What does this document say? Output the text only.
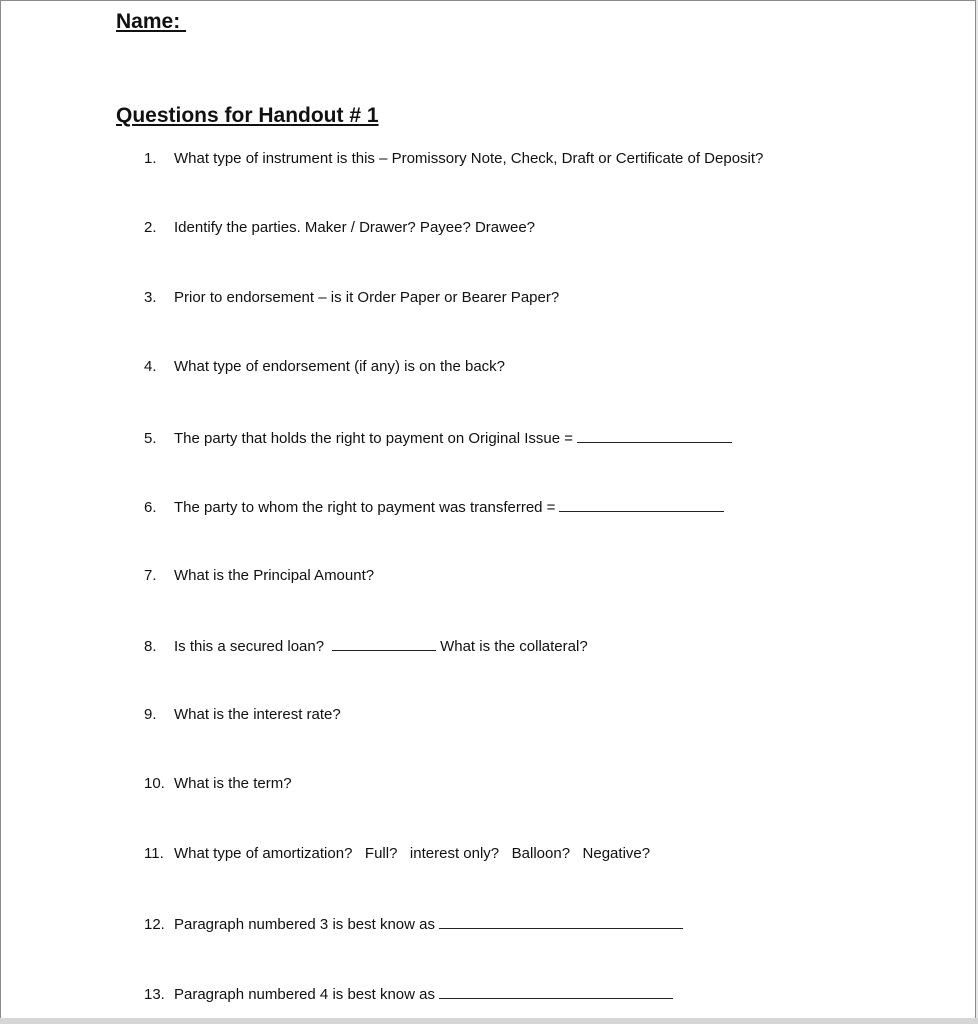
Name:
Questions for Handout # 1
1. What type of instrument is this – Promissory Note, Check, Draft or Certificate of Deposit?
2. Identify the parties. Maker / Drawer? Payee? Drawee?
3. Prior to endorsement – is it Order Paper or Bearer Paper?
4. What type of endorsement (if any) is on the back?
5. The party that holds the right to payment on Original Issue =
6. The party to whom the right to payment was transferred =
7. What is the Principal Amount?
8. Is this a secured loan?	What is the collateral?
9. What is the interest rate?
10. What is the term?
11. What type of amortization?   Full?   interest only?   Balloon?   Negative?
12. Paragraph numbered 3 is best know as
13. Paragraph numbered 4 is best know as
